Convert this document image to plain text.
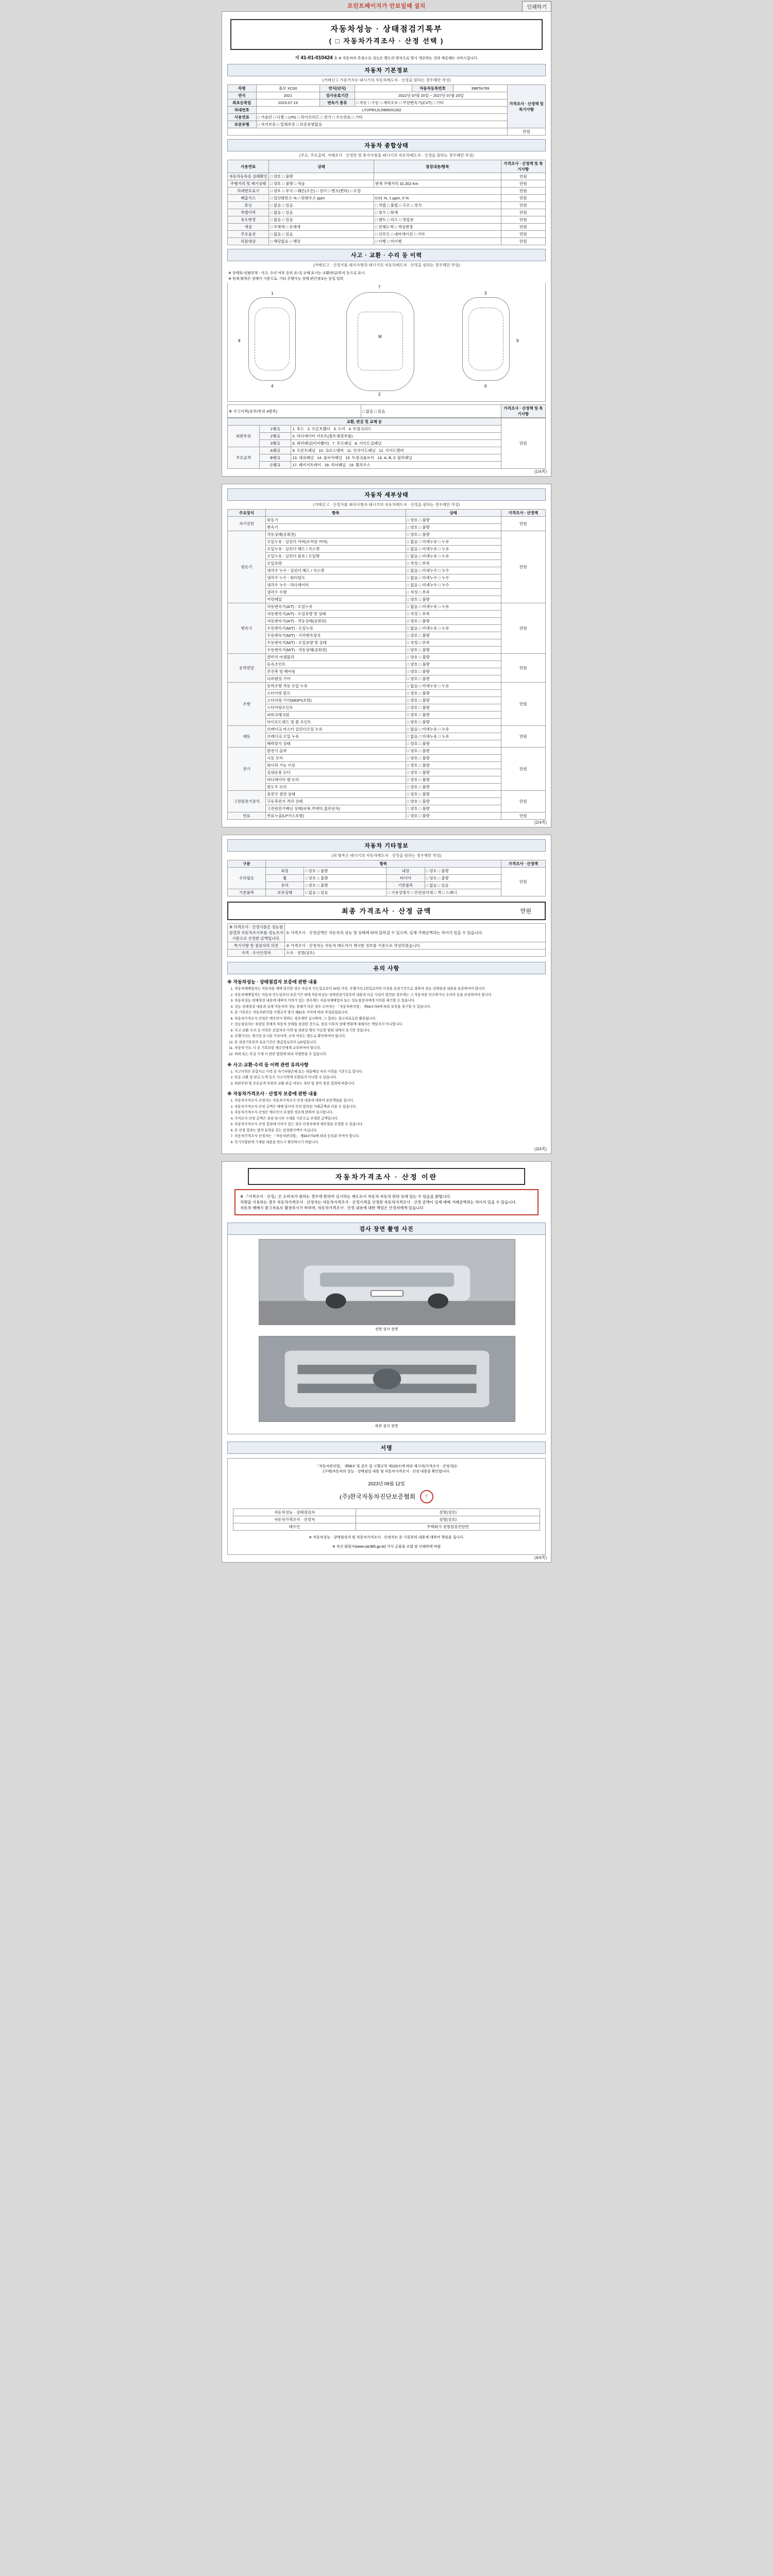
프린트페이지가 안보일때 설치	인쇄하기
(1/4쪽)
자동차성능 · 상태점검기록부
( □ 자동차가격조사 · 산정 선택 )
제 41-01-010424 호 ※ 자동차의 특정소유·성능은 별도의 양식으로 명시 개공하는 것과 제공해는 서비스입니다.
자동차 기본정보
(거래신고 가중거지로 돼시기의 자동차매도자 · 산정을 원하는 경우해만 작성)
차명	볼보 XC60	연식(년식)		자동차등록번호	39BTA789	가격조사 · 산정액 및 특기사항
연식	2021	검사유효기간	2022년 07월 20일 ~ 2027년 07월 20일			
최초등록일	2023-07-19	변속기 종류	□ 자동 □ 수동 □ 세미오토 □ 무단변속기(CVT) □ 기타			
차대번호	LYVPR12L59M931262					
사용연료	□ 가솔린 □ 디젤 □ LPG □ 하이브리드 □ 전기 □ 수소연료 □ 기타					
보증유형	□ 자가보증 □ 업체보증 □ 보증유형없음					
						만원
자동차 종합상태
(주요, 주요출력, 거래조사 · 산정만 및 통지사항을 돼시기의 자동차매도자 · 산정을 원하는 경우해만 작성)
사용연료	상태	점검내용/항목	가격조사 · 산정액 및 특기사항
자동차등록증 상태확인	□ 양호 □ 불량		만원
주행거리 및 계기상태	□ 양호 □ 불량 □ 적음	현재 주행거리 32,302 Km	만원
차대번호표기	□ 양호 □ 부식 □ 훼손(오손) □ 상이 □ 변조(변타) □ 도말		만원
배출가스	□ 일산화탄소 % □ 탄화수소 ppm	0.01 %, 1 ppm, 0 %	만원
튜닝	□ 없음 □ 있음	□ 적법 □ 불법 □ 구조 □ 장치	만원
특별이력	□ 없음 □ 있음	□ 침수 □ 화재	만원
용도변경	□ 없음 □ 있음	□ 렌트 □ 리스 □ 영업용	만원
색상	□ 무채색 □ 유채색	□ 전체도색 □ 색상변경	만원
주요옵션	□ 없음 □ 있음	□ 선루프 □ 내비게이션 □ 기타	만원
리콜대상	□ 해당없음 □ 해당	□ 이행 □ 미이행	만원
사고 · 교환 · 수리 등 이력
(거래신고 · 산정가를 돼지사항과 돼시기의 자동차매도자 · 산정을 원하는 경우해만 작성)
※ 상태표시(탈부착 : 사고, 수리 여부 등의 표시) 교체 표시는 교환/판금/부식 등으로 표시
※ 현재 탈착은 상태가 기준으로, 기타 주행가능 상태 판단정보는 동일 입력
1
4
7
M
2
3
6
8	9
※ 사고이력(유무/부위 4항목)	□ 없음 □ 있음	가격조사 · 산정액 및 특기사항
교환, 판금 및 교체 등			만원
외판부위	1랭크	1. 후드 2. 프론트휀더 3. 도어 4. 트렁크리드	
	2랭크	5. 라디에이터 서포트(볼트체결부품)	
	3랭크	6. 쿼터패널(리어휀더) 7. 루프패널 8. 사이드실패널	
주요골격	A랭크	9. 프론트패널 10. 크로스멤버 11. 인사이드패널 12. 사이드멤버	
	B랭크	13. 대쉬패널 14. 플로어패널 15. 트렁크플로어 16. A, B, C 필러패널	
	C랭크	17. 패키지트레이 18. 리어패널 19. 휠하우스	
(2/4쪽)
자동차 세부상태
(거래신고 · 산정가를 돼지사항과 돼시기의 자동차매도자 · 산정을 원하는 경우해만 작성)
주요장치	항목	상태	가격조사 · 산정액
자기진단	원동기	□ 양호 □ 불량	만원
	변속기	□ 양호 □ 불량	
원동기	작동상태(공회전)	□ 양호 □ 불량	만원
	오일누유 - 실린더 커버(로커암 커버)	□ 없음 □ 미세누유 □ 누유	
	오일누유 - 실린더 헤드 / 가스켓	□ 없음 □ 미세누유 □ 누유	
	오일누유 - 실린더 블록 / 오일팬	□ 없음 □ 미세누유 □ 누유	
	오일유량	□ 적정 □ 부족	
	냉각수 누수 - 실린더 헤드 / 가스켓	□ 없음 □ 미세누수 □ 누수	
	냉각수 누수 - 워터펌프	□ 없음 □ 미세누수 □ 누수	
	냉각수 누수 - 라디에이터	□ 없음 □ 미세누수 □ 누수	
	냉각수 수량	□ 적정 □ 부족	
	커먼레일	□ 양호 □ 불량	
변속기	자동변속기(A/T) - 오일누유	□ 없음 □ 미세누유 □ 누유	만원
	자동변속기(A/T) - 오일유량 및 상태	□ 적정 □ 부족	
	자동변속기(A/T) - 작동상태(공회전)	□ 양호 □ 불량	
	수동변속기(M/T) - 오일누유	□ 없음 □ 미세누유 □ 누유	
	수동변속기(M/T) - 기어변속장치	□ 양호 □ 불량	
	수동변속기(M/T) - 오일유량 및 상태	□ 적정 □ 부족	
	수동변속기(M/T) - 작동상태(공회전)	□ 양호 □ 불량	
동력전달	클러치 어셈블리	□ 양호 □ 불량	만원
	등속조인트	□ 양호 □ 불량	
	추진축 및 베어링	□ 양호 □ 불량	
	디퍼렌셜 기어	□ 양호 □ 불량	
조향	동력조향 작동 오일 누유	□ 없음 □ 미세누유 □ 누유	만원
	스티어링 펌프	□ 양호 □ 불량	
	스티어링 기어(MDPS포함)	□ 양호 □ 불량	
	스티어링조인트	□ 양호 □ 불량	
	파워크랭크암	□ 양호 □ 불량	
	타이로드엔드 및 볼 조인트	□ 양호 □ 불량	
제동	브레이크 마스터 실린더오일 누유	□ 없음 □ 미세누유 □ 누유	만원
	브레이크 오일 누유	□ 없음 □ 미세누유 □ 누유	
	배력장치 상태	□ 양호 □ 불량	
전기	발전기 출력	□ 양호 □ 불량	만원
	시동 모터	□ 양호 □ 불량	
	와이퍼 기능 이상	□ 양호 □ 불량	
	실내송풍 모터	□ 양호 □ 불량	
	라디에이터 팬 모터	□ 양호 □ 불량	
	윈도우 모터	□ 양호 □ 불량	
고전원전기장치	충전구 절연 상태	□ 양호 □ 불량	만원
	구동축전지 격리 상태	□ 양호 □ 불량	
	고전원전기배선 상태(피복,커넥터,접속단자)	□ 양호 □ 불량	
연료	연료누출(LP가스포함)	□ 양호 □ 불량	만원
(3/4쪽)
자동차 기타정보
(외 항목은 돼시기의 자동차매도자 · 산정을 원하는 경우해만 작성)
구분	항목				가격조사 · 산정액
수리필요	외장	□ 양호 □ 불량	내장	□ 양호 □ 불량	만원
	휠	□ 양호 □ 불량	타이어	□ 양호 □ 불량	
	유리	□ 양호 □ 불량	기본품목	□ 없음 □ 있음	
기본품목	보유상태	□ 없음 □ 있음	□ 사용설명서 □ 안전삼각대 □ 잭 □ 스패너		
최종 가격조사 · 산정 금액	만원
※ 가격조사 · 산정기준은 성능점검결과 자동차조사부를 성능조사 기준으로 산정한 금액입니다.	① 가격조사 · 산정금액은 자동차의 성능 및 상태에 따라 달라질 수 있으며, 실제 거래금액과는 차이가 있을 수 있습니다.
특기사항 및 점검자의 의견	② 가격조사 · 산정자는 자동차 매도자가 제시한 정보를 기준으로 작성하였습니다.
가격 · 조사산정자	소속 · 성명(상호)
유의 사항
※ 자동차성능 · 상태점검자 보증에 관한 내용
1. 자동차매매업자는 자동차를 매매 알선한 경우 자동차 인도일로부터 30일 이상, 주행거리 2천킬로미터 이상을 보장기간으로 정하여 성능·상태점검 내용을 보증하여야 합니다.
2. 자동차매매업자는 자동차 인도일부터 보증기간 내에 자동차성능·상태점검기록부의 내용과 다른 사실이 발견된 경우에는 그 자동차를 인수하거나 수리비 등을 보상하여야 합니다.
3. 자동차성능·상태점검 내용에 대하여 이의가 있는 경우에는 자동차매매업자 또는 성능점검자에게 이의를 제기할 수 있습니다.
4. 성능·상태점검 내용과 실제 자동차의 성능·상태가 다른 경우 소비자는 「자동차관리법」 제58조의4에 따라 보상을 청구할 수 있습니다.
5. 본 기록부는 자동차관리법 시행규칙 별지 제82호 서식에 따라 작성되었습니다.
6. 자동차가격조사·산정은 매수인이 원하는 경우에만 실시하며, 그 결과는 참고자료로만 활용됩니다.
7. 성능점검자는 점검일 현재의 자동차 상태를 점검한 것으로, 점검 이후의 상태 변화에 대해서는 책임지지 아니합니다.
8. 사고·교환·수리 등 이력은 보험처리 이력 및 외관상 확인 가능한 범위 내에서 표기한 것입니다.
9. 주행거리는 계기상 표시된 거리이며, 조작 여부는 별도로 확인하여야 합니다.
10. 본 점검기록부의 유효기간은 발급일로부터 120일입니다.
11. 자동차 인도 시 본 기록부를 매수인에게 교부하여야 합니다.
12. 허위 또는 부실 기재 시 관련 법령에 따라 처벌받을 수 있습니다.
※ 사고·교환·수리 등 이력 관련 유의사항
1. 사고이력은 보험사고 이력 중 자기차량손해 또는 대물배상 처리 이력을 기준으로 합니다.
2. 단순 교환 및 판금·도색 등은 사고이력에 포함되지 아니할 수 있습니다.
3. 외판부위 및 주요골격 부위의 교환·판금 여부는 육안 및 장비 점검 결과에 따릅니다.
※ 자동차가격조사 · 산정자 보증에 관한 내용
1. 자동차가격조사·산정자는 자동차가격조사·산정 내용에 대하여 보증책임을 집니다.
2. 자동차가격조사·산정 금액은 매매 당사자 간의 합의된 거래금액과 다를 수 있습니다.
3. 자동차가격조사·산정은 매수인이 요청한 경우에 한하여 실시합니다.
4. 가격조사·산정 금액은 점검 당시의 시세를 기준으로 산정한 금액입니다.
5. 자동차가격조사·산정 결과에 이의가 있는 경우 산정자에게 재산정을 요청할 수 있습니다.
6. 본 산정 결과는 법적 효력을 갖는 감정평가액이 아닙니다.
7. 자동차가격조사·산정자는 「자동차관리법」 제58조의4에 따라 등록된 자여야 합니다.
8. 특기사항란에 기재된 내용을 반드시 확인하시기 바랍니다.
(4/4쪽)
자동차가격조사 · 산정 이란
※ 『가격조사 · 산정』은 소비자가 원하는 경우에 한하여 실시하는 제도로서 자동차 자동차 판단 등에 있는 수 있음을 밝힙니다.
차량을 이용하는 경우 자동차가격조사 · 산정자는 자동차가격조사 · 산정가격을 산정한 자동차가격조사 · 산정 금액이 실제 매매 거래금액과는 차이가 있을 수 있습니다.
자동차 매매시 참고자료로 활용하시기 바라며, 자동차가격조사 · 산정 내용에 대한 책임은 산정자에게 있습니다.
검사 장면 촬영 사진
전면 검사 장면
하부 검사 장면
서명
「자동차관리법」 제58조 및 같은 법 시행규칙 제120조에 따라 제시자(가격조사 · 산정자)는
(구매)자동차의 성능 · 상태점검 내용 및 자동차가격조사 · 산정 내용을 확인합니다.
2023년 09월 12일
(주)한국자동차진단보증협회	인
자동차성능 · 상태점검자	성명(상호)
자동차가격조사 · 산정자	성명(상호)
매수인	주택회사 성명점검진단반
※ 자동차성능 · 상태점검자 및 자동차가격조사 · 산정자는 본 기록부의 내용에 대하여 책임을 집니다.
※ 자신 회원사(www.car365.go.kr) 가사 금융을 조회 및 인쇄하택 바랍
